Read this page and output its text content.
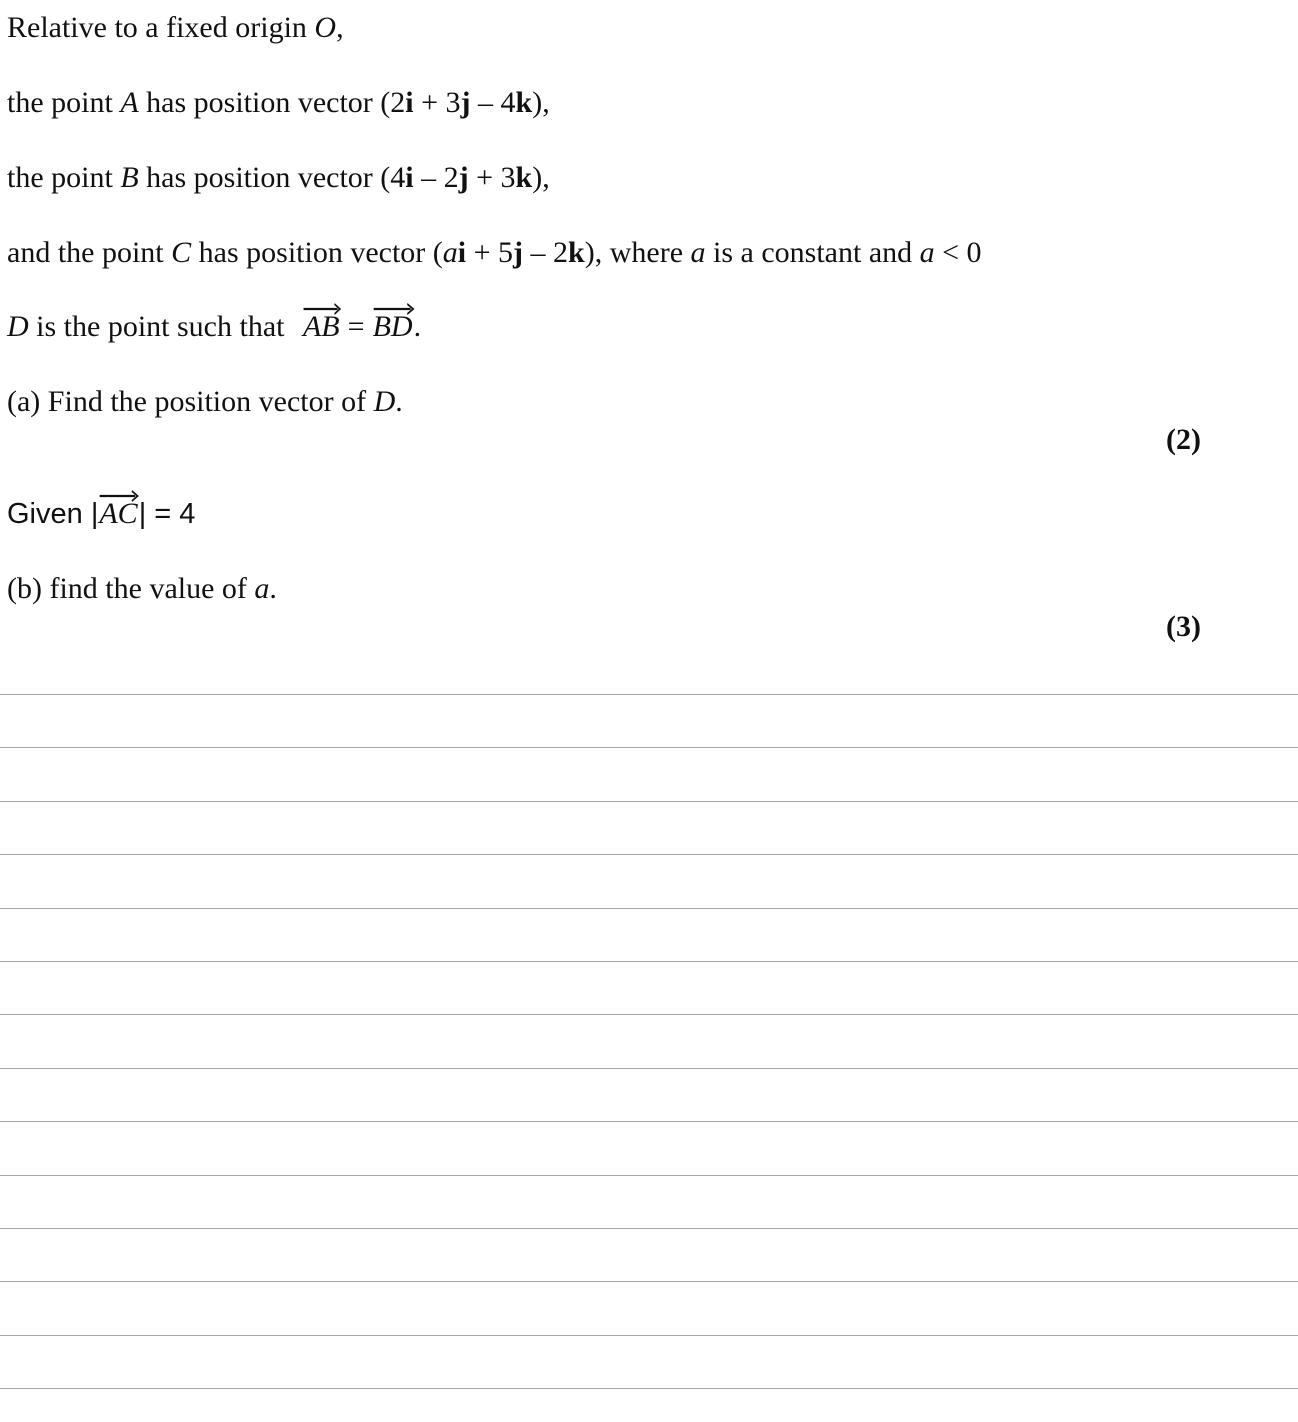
Relative to a fixed origin O,

the point A has position vector (2i + 3j – 4k),

the point B has position vector (4i – 2j + 3k),

and the point C has position vector (ai + 5j – 2k), where a is a constant and a < 0

D is the point such that
AB = BD.

(a) Find the position vector of D.

(2)

Given |
AC| = 4

(b) find the value of a.

(3)
